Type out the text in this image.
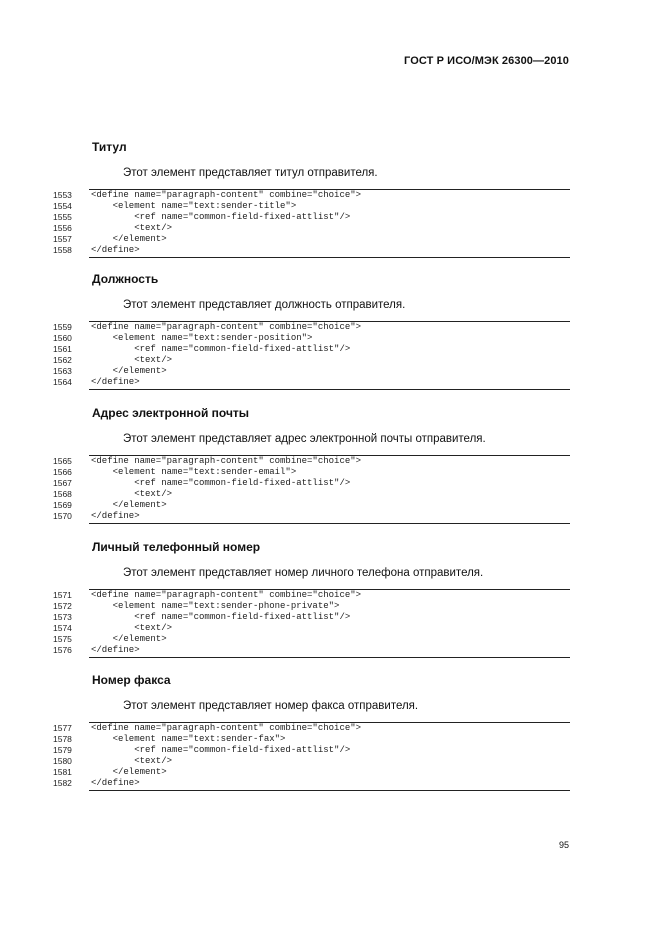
ГОСТ Р ИСО/МЭК 26300—2010
Титул
Этот элемент представляет титул отправителя.
1553	<define name="paragraph-content" combine="choice">
1554	<element name="text:sender-title">
1555	<ref name="common-field-fixed-attlist"/>
1556	<text/>
1557	</element>
1558	</define>
Должность
Этот элемент представляет должность отправителя.
1559	<define name="paragraph-content" combine="choice">
1560	<element name="text:sender-position">
1561	<ref name="common-field-fixed-attlist"/>
1562	<text/>
1563	</element>
1564	</define>
Адрес электронной почты
Этот элемент представляет адрес электронной почты отправителя.
1565	<define name="paragraph-content" combine="choice">
1566	<element name="text:sender-email">
1567	<ref name="common-field-fixed-attlist"/>
1568	<text/>
1569	</element>
1570	</define>
Личный телефонный номер
Этот элемент представляет номер личного телефона отправителя.
1571	<define name="paragraph-content" combine="choice">
1572	<element name="text:sender-phone-private">
1573	<ref name="common-field-fixed-attlist"/>
1574	<text/>
1575	</element>
1576	</define>
Номер факса
Этот элемент представляет номер факса отправителя.
1577	<define name="paragraph-content" combine="choice">
1578	<element name="text:sender-fax">
1579	<ref name="common-field-fixed-attlist"/>
1580	<text/>
1581	</element>
1582	</define>
95
